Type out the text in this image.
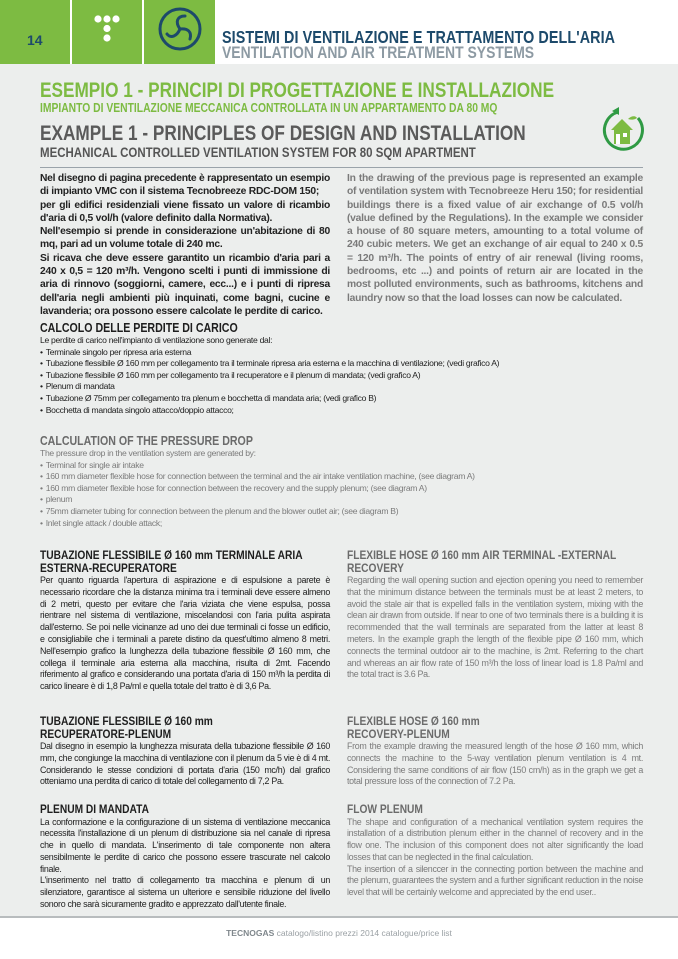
14	SISTEMI DI VENTILAZIONE E TRATTAMENTO DELL'ARIA
VENTILATION AND AIR TREATMENT SYSTEMS
ESEMPIO 1 - PRINCIPI DI PROGETTAZIONE E INSTALLAZIONE
IMPIANTO DI VENTILAZIONE MECCANICA CONTROLLATA IN UN APPARTAMENTO DA 80 MQ
EXAMPLE 1 - PRINCIPLES OF DESIGN AND INSTALLATION
MECHANICAL CONTROLLED VENTILATION SYSTEM FOR 80 SQM APARTMENT

Nel disegno di pagina precedente è rappresentato un esempio di impianto VMC con il sistema Tecnobreeze RDC-DOM 150;

per gli edifici residenziali viene fissato un valore di ricambio d'aria di 0,5 vol/h (valore definito dalla Normativa).

Nell'esempio si prende in considerazione un'abitazione di 80 mq, pari ad un volume totale di 240 mc.

Si ricava che deve essere garantito un ricambio d'aria pari a 240 x 0,5 = 120 m³/h. Vengono scelti i punti di immissione di aria di rinnovo (soggiorni, camere, ecc...) e i punti di ripresa dell'aria negli ambienti più inquinati, come bagni, cucine e lavanderia; ora possono essere calcolate le perdite di carico.

In the drawing of the previous page is represented an example of ventilation system with Tecnobreeze Heru 150; for residential buildings there is a fixed value of air exchange of 0.5 vol/h (value defined by the Regulations). In the example we consider a house of 80 square meters, amounting to a total volume of 240 cubic meters. We get an exchange of air equal to 240 x 0.5 = 120 m³/h. The points of entry of air renewal (living rooms, bedrooms, etc ...) and points of return air are located in the most polluted environments, such as bathrooms, kitchens and laundry now so that the load losses can now be calculated.

CALCOLO DELLE PERDITE DI CARICO
Le perdite di carico nell'impianto di ventilazione sono generate dal:
• Terminale singolo per ripresa aria esterna
• Tubazione flessibile Ø 160 mm per collegamento tra il terminale ripresa aria esterna e la macchina di ventilazione; (vedi grafico A)
• Tubazione flessibile Ø 160 mm per collegamento tra il recuperatore e il plenum di mandata; (vedi grafico A)
• Plenum di mandata
• Tubazione Ø 75mm per collegamento tra plenum e bocchetta di mandata aria; (vedi grafico B)
• Bocchetta di mandata singolo attacco/doppio attacco;
CALCULATION OF THE PRESSURE DROP
The pressure drop in the ventilation system are generated by:
• Terminal for single air intake
• 160 mm diameter flexible hose for connection between the terminal and the air intake ventilation machine, (see diagram A)
• 160 mm diameter flexible hose for connection between the recovery and the supply plenum; (see diagram A)
• plenum
• 75mm diameter tubing for connection between the plenum and the blower outlet air; (see diagram B)
• Inlet single attack / double attack;
TUBAZIONE FLESSIBILE Ø 160 mm TERMINALE ARIA
ESTERNA-RECUPERATORE

Per quanto riguarda l'apertura di aspirazione e di espulsione a parete è necessario ricordare che la distanza minima tra i terminali deve essere almeno di 2 metri, questo per evitare che l'aria viziata che viene espulsa, possa rientrare nel sistema di ventilazione, miscelandosi con l'aria pulita aspirata dall'esterno. Se poi nelle vicinanze ad uno dei due terminali ci fosse un edificio, e consigliabile che i terminali a parete distino da quest'ultimo almeno 8 metri. Nell'esempio grafico la lunghezza della tubazione flessibile Ø 160 mm, che collega il terminale aria esterna alla macchina, risulta di 2mt. Facendo riferimento al grafico e considerando una portata d'aria di 150 m³/h la perdita di carico lineare è di 1,8 Pa/ml e quella totale del tratto è di 3,6 Pa.

TUBAZIONE FLESSIBILE Ø 160 mm
RECUPERATORE-PLENUM

Dal disegno in esempio la lunghezza misurata della tubazione flessibile Ø 160 mm, che congiunge la macchina di ventilazione con il plenum da 5 vie è di 4 mt. Considerando le stesse condizioni di portata d'aria (150 mc/h) dal grafico otteniamo una perdita di carico di totale del collegamento di 7,2 Pa.

PLENUM DI MANDATA

La conformazione e la configurazione di un sistema di ventilazione meccanica necessita l'installazione di un plenum di distribuzione sia nel canale di ripresa che in quello di mandata. L'inserimento di tale componente non altera sensibilmente le perdite di carico che possono essere trascurate nel calcolo finale.

L'inserimento nel tratto di collegamento tra macchina e plenum di un silenziatore, garantisce al sistema un ulteriore e sensibile riduzione del livello sonoro che sarà sicuramente gradito e apprezzato dall'utente finale.

FLEXIBLE HOSE Ø 160 mm AIR TERMINAL -EXTERNAL
RECOVERY

Regarding the wall opening suction and ejection opening you need to remember that the minimum distance between the terminals must be at least 2 meters, to avoid the stale air that is expelled falls in the ventilation system, mixing with the clean air drawn from outside. If near to one of two terminals there is a building it is recommended that the wall terminals are separated from the latter at least 8 meters. In the example graph the length of the flexible pipe Ø 160 mm, which connects the terminal outdoor air to the machine, is 2mt. Referring to the chart and whereas an air flow rate of 150 m³/h the loss of linear load is 1.8 Pa/ml and the total tract is 3.6 Pa.

FLEXIBLE HOSE Ø 160 mm
RECOVERY-PLENUM

From the example drawing the measured length of the hose Ø 160 mm, which connects the machine to the 5-way ventilation plenum ventilation is 4 mt. Considering the same conditions of air flow (150 cm/h) as in the graph we get a total pressure loss of the connection of 7.2 Pa.

FLOW PLENUM

The shape and configuration of a mechanical ventilation system requires the installation of a distribution plenum either in the channel of recovery and in the flow one. The inclusion of this component does not alter significantly the load losses that can be neglected in the final calculation.

The insertion of a silenccer in the connecting portion between the machine and the plenum, guarantees the system and a further significant reduction in the noise level that will be certainly welcome and appreciated by the end user..

TECNOGAS catalogo/listino prezzi 2014 catalogue/price list
